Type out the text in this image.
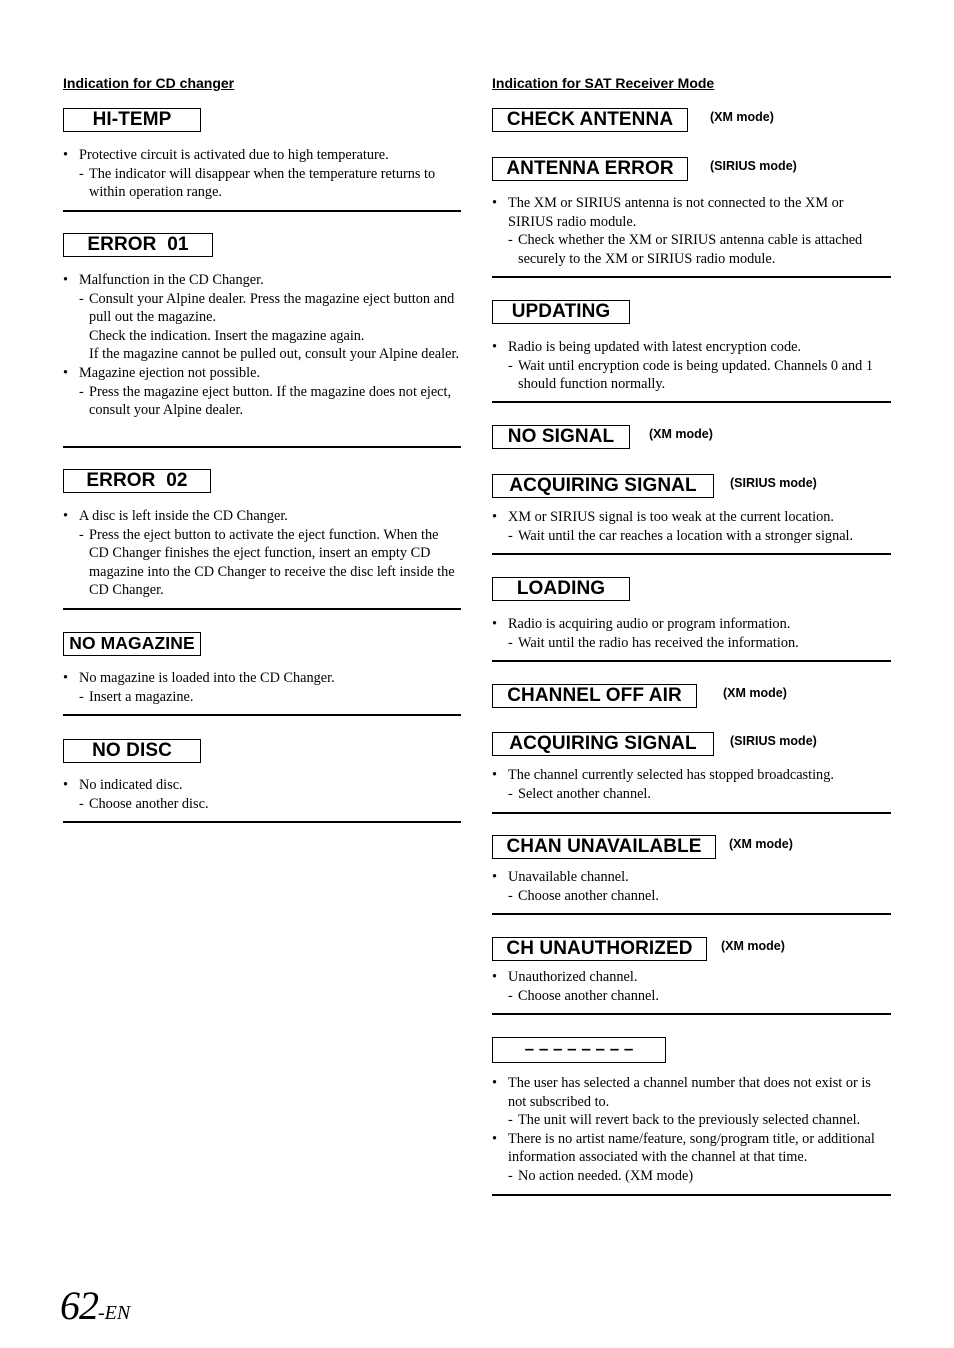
Indication for CD changer
HI-TEMP
• Protective circuit is activated due to high temperature.
- The indicator will disappear when the temperature returns to within operation range.
ERROR  01
• Malfunction in the CD Changer.
- Consult your Alpine dealer. Press the magazine eject button and pull out the magazine.
Check the indication. Insert the magazine again.
If the magazine cannot be pulled out, consult your Alpine dealer.
• Magazine ejection not possible.
- Press the magazine eject button. If the magazine does not eject, consult your Alpine dealer.
ERROR  02
• A disc is left inside the CD Changer.
- Press the eject button to activate the eject function. When the CD Changer finishes the eject function, insert an empty CD magazine into the CD Changer to receive the disc left inside the CD Changer.
NO MAGAZINE
• No magazine is loaded into the CD Changer.
- Insert a magazine.
NO DISC
• No indicated disc.
- Choose another disc.
Indication for SAT Receiver Mode
CHECK ANTENNA	(XM mode)
ANTENNA ERROR	(SIRIUS mode)
• The XM or SIRIUS antenna is not connected to the XM or SIRIUS radio module.
- Check whether the XM or SIRIUS antenna cable is attached securely to the XM or SIRIUS radio module.
UPDATING
• Radio is being updated with latest encryption code.
- Wait until encryption code is being updated. Channels 0 and 1 should function normally.
NO SIGNAL	(XM mode)
ACQUIRING SIGNAL	(SIRIUS mode)
• XM or SIRIUS signal is too weak at the current location.
- Wait until the car reaches a location with a stronger signal.
LOADING
• Radio is acquiring audio or program information.
- Wait until the radio has received the information.
CHANNEL OFF AIR	(XM mode)
ACQUIRING SIGNAL	(SIRIUS mode)
• The channel currently selected has stopped broadcasting.
- Select another channel.
CHAN UNAVAILABLE	(XM mode)
• Unavailable channel.
- Choose another channel.
CH UNAUTHORIZED	(XM mode)
• Unauthorized channel.
- Choose another channel.
– – – – – – – –
• The user has selected a channel number that does not exist or is not subscribed to.
- The unit will revert back to the previously selected channel.
• There is no artist name/feature, song/program title, or additional information associated with the channel at that time.
- No action needed. (XM mode)
62-EN
